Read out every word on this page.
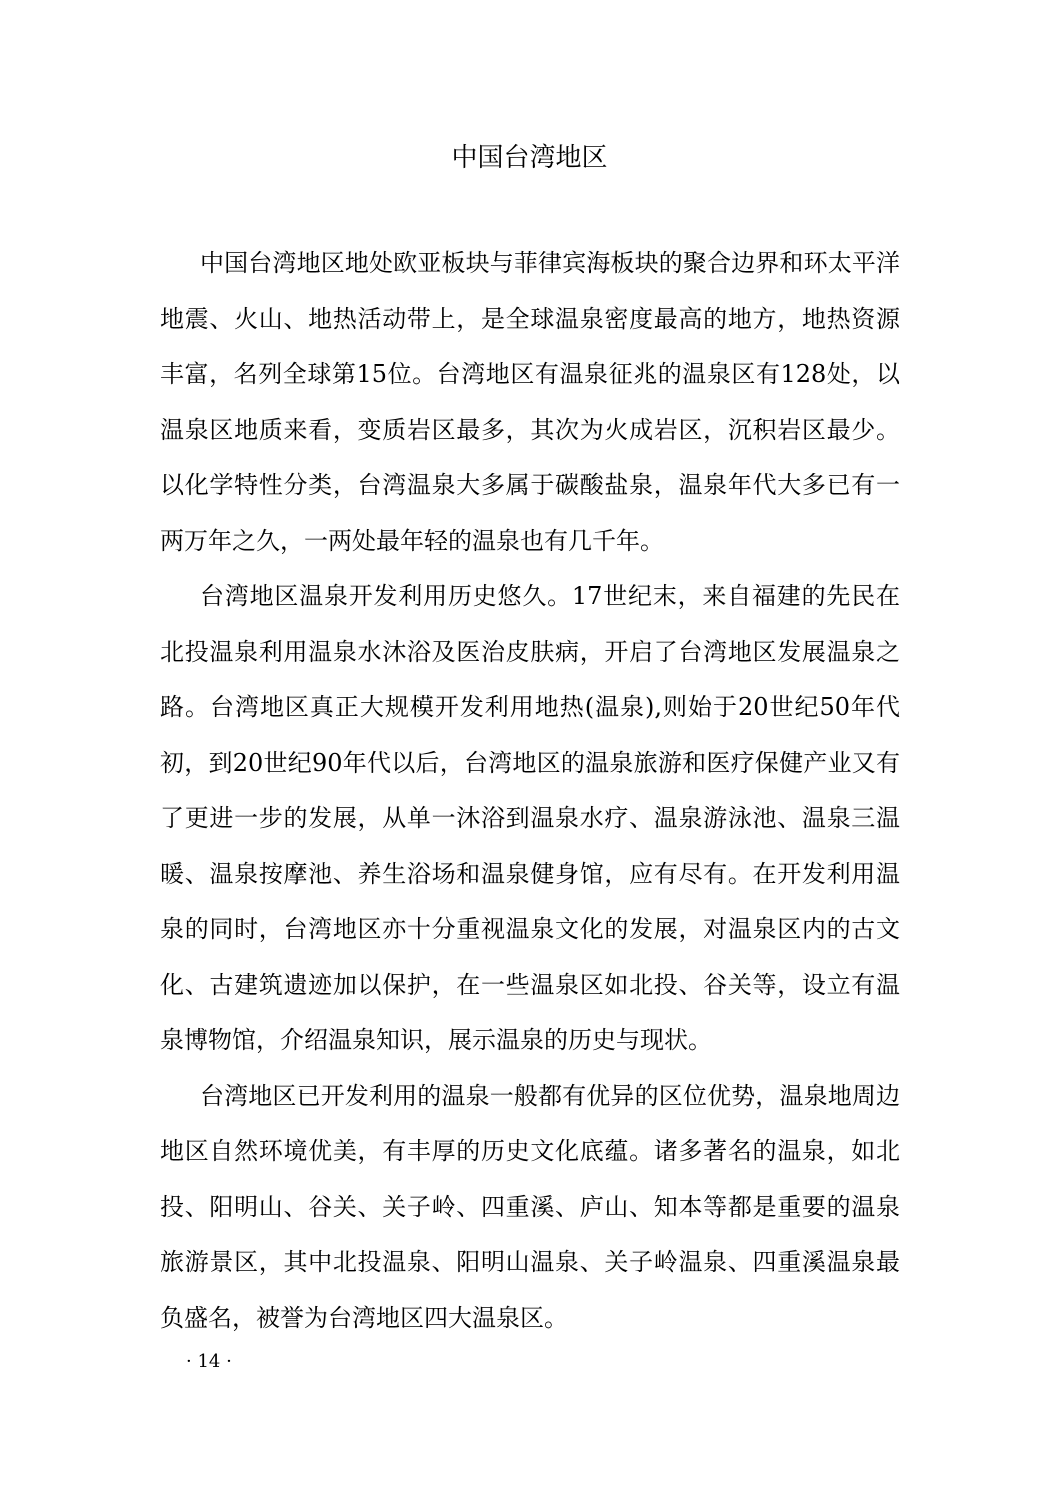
中国台湾地区

中国台湾地区地处欧亚板块与菲律宾海板块的聚合边界和环太平洋地震、火山、地热活动带上，是全球温泉密度最高的地方，地热资源丰富，名列全球第15位。台湾地区有温泉征兆的温泉区有128处，以温泉区地质来看，变质岩区最多，其次为火成岩区，沉积岩区最少。以化学特性分类，台湾温泉大多属于碳酸盐泉，温泉年代大多已有一两万年之久，一两处最年轻的温泉也有几千年。

台湾地区温泉开发利用历史悠久。17世纪末，来自福建的先民在北投温泉利用温泉水沐浴及医治皮肤病，开启了台湾地区发展温泉之路。台湾地区真正大规模开发利用地热(温泉),则始于20世纪50年代初，到20世纪90年代以后，台湾地区的温泉旅游和医疗保健产业又有了更进一步的发展，从单一沐浴到温泉水疗、温泉游泳池、温泉三温暖、温泉按摩池、养生浴场和温泉健身馆，应有尽有。在开发利用温泉的同时，台湾地区亦十分重视温泉文化的发展，对温泉区内的古文化、古建筑遗迹加以保护，在一些温泉区如北投、谷关等，设立有温泉博物馆，介绍温泉知识，展示温泉的历史与现状。

台湾地区已开发利用的温泉一般都有优异的区位优势，温泉地周边地区自然环境优美，有丰厚的历史文化底蕴。诸多著名的温泉，如北投、阳明山、谷关、关子岭、四重溪、庐山、知本等都是重要的温泉旅游景区，其中北投温泉、阳明山温泉、关子岭温泉、四重溪温泉最负盛名，被誉为台湾地区四大温泉区。

· 14 ·
